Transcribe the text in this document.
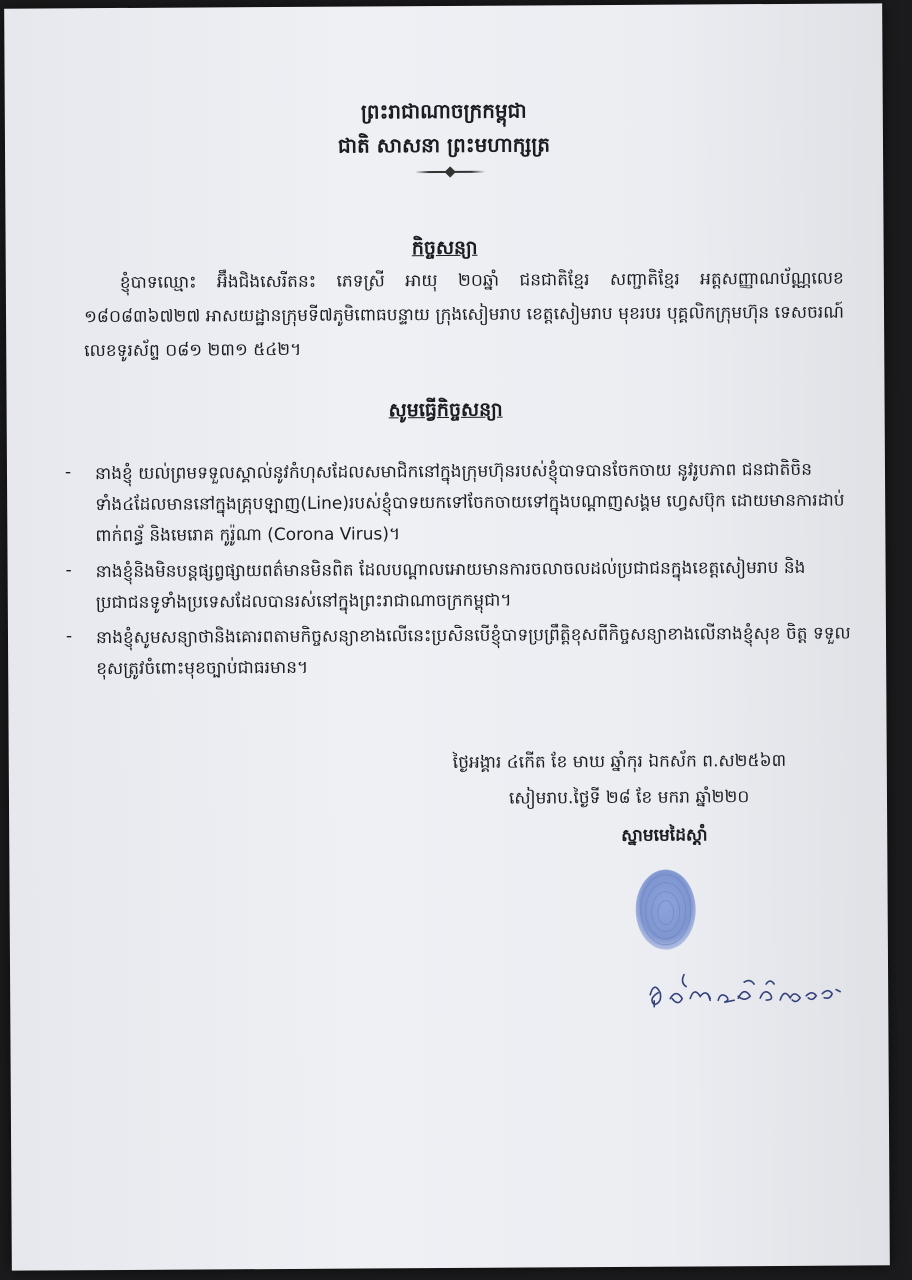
ព្រះរាជាណាចក្រកម្ពុជា
ជាតិ សាសនា ព្រះមហាក្សត្រ
កិច្ចសន្យា
ខ្ញុំបាទឈ្មោះ អ៊ឹងជិងសេរីតនះ ភេទស្រី អាយុ ២០ឆ្នាំ ជនជាតិខ្មែរ សញ្ជាតិខ្មែរ អត្តសញ្ញាណប័ណ្ណលេខ ១៨០៨៣៦៧២៧ អាសយដ្ឋានក្រុមទី៧ភូមិពោធបន្ទាយ ក្រុងសៀមរាប ខេត្តសៀមរាប មុខរបរ បុគ្គលិកក្រុមហ៊ុន ទេសចរណ៍ លេខទូរស័ព្ទ ០៨១ ២៣១ ៥៤២។
សូមធ្វើកិច្ចសន្យា
- នាងខ្ញុំ យល់ព្រមទទួលស្គាល់នូវកំហុសដែលសមាជិកនៅក្នុងក្រុមហ៊ុនរបស់ខ្ញុំបាទបានចែកចាយ នូវរូបភាព ជនជាតិចិន ទាំង៤ដែលមាននៅក្នុងគ្រុបឡាញ(Line)របស់ខ្ញុំបាទយកទៅចែកចាយទៅក្នុងបណ្តាញសង្គម ហ្វេសប៊ុក ដោយមានការដាប់ពាក់ពន្ធ័ និងមេរោគ កូរ៉ូណា (Corona Virus)។
- នាងខ្ញុំនិងមិនបន្តផ្សព្វផ្សាយពត៌មានមិនពិត ដែលបណ្តាលអោយមានការចលាចលដល់ប្រជាជនក្នុងខេត្តសៀមរាប និង ប្រជាជនទូទាំងប្រទេសដែលបានរស់នៅក្នុងព្រះរាជាណាចក្រកម្ពុជា។
- នាងខ្ញុំសូមសន្យាថានិងគោរពតាមកិច្ចសន្យាខាងលើនេះប្រសិនបើខ្ញុំបាទប្រព្រឹត្តិខុសពីកិច្ចសន្យាខាងលើនាងខ្ញុំសុខ ចិត្ត ទទួលខុសត្រូវចំពោះមុខច្បាប់ជាធរមាន។
ថ្ងៃអង្គារ ៤កើត ខែ មាឃ ឆ្នាំកុរ ឯកស័ក ព.ស២៥៦៣
សៀមរាប.ថ្ងៃទី ២៨ ខែ មករា ឆ្នាំ២២០
ស្នាមមេដៃស្តាំ
